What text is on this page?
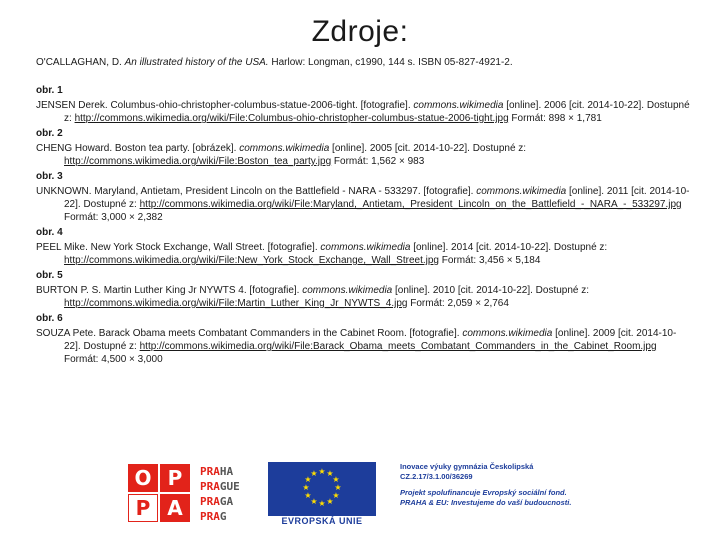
Zdroje:
O'CALLAGHAN, D. An illustrated history of the USA. Harlow: Longman, c1990, 144 s. ISBN 05-827-4921-2.
obr. 1
JENSEN Derek. Columbus-ohio-christopher-columbus-statue-2006-tight. [fotografie]. commons.wikimedia [online]. 2006 [cit. 2014-10-22]. Dostupné z: http://commons.wikimedia.org/wiki/File:Columbus-ohio-christopher-columbus-statue-2006-tight.jpg Formát: 898 × 1,781
obr. 2
CHENG Howard. Boston tea party. [obrázek]. commons.wikimedia [online]. 2005 [cit. 2014-10-22]. Dostupné z: http://commons.wikimedia.org/wiki/File:Boston_tea_party.jpg Formát: 1,562 × 983
obr. 3
UNKNOWN. Maryland, Antietam, President Lincoln on the Battlefield - NARA - 533297. [fotografie]. commons.wikimedia [online]. 2011 [cit. 2014-10-22]. Dostupné z: http://commons.wikimedia.org/wiki/File:Maryland,_Antietam,_President_Lincoln_on_the_Battlefield_-_NARA_-_533297.jpg Formát: 3,000 × 2,382
obr. 4
PEEL Mike. New York Stock Exchange, Wall Street. [fotografie]. commons.wikimedia [online]. 2014 [cit. 2014-10-22]. Dostupné z: http://commons.wikimedia.org/wiki/File:New_York_Stock_Exchange,_Wall_Street.jpg Formát: 3,456 × 5,184
obr. 5
BURTON P. S. Martin Luther King Jr NYWTS 4. [fotografie]. commons.wikimedia [online]. 2010 [cit. 2014-10-22]. Dostupné z: http://commons.wikimedia.org/wiki/File:Martin_Luther_King_Jr_NYWTS_4.jpg Formát: 2,059 × 2,764
obr. 6
SOUZA Pete. Barack Obama meets Combatant Commanders in the Cabinet Room. [fotografie]. commons.wikimedia [online]. 2009 [cit. 2014-10-22]. Dostupné z: http://commons.wikimedia.org/wiki/File:Barack_Obama_meets_Combatant_Commanders_in_the_Cabinet_Room.jpg Formát: 4,500 × 3,000
O P
P A
PRAHA
PRAGUE
PRAGA
PRAG
★ ★
★
★
★
★
★
★
★
★
★
★
EVROPSKÁ UNIE
Inovace výuky gymnázia Českolipská
CZ.2.17/3.1.00/36269
Projekt spolufinancuje Evropský sociální fond.
PRAHA & EU: Investujeme do vaší budoucnosti.
